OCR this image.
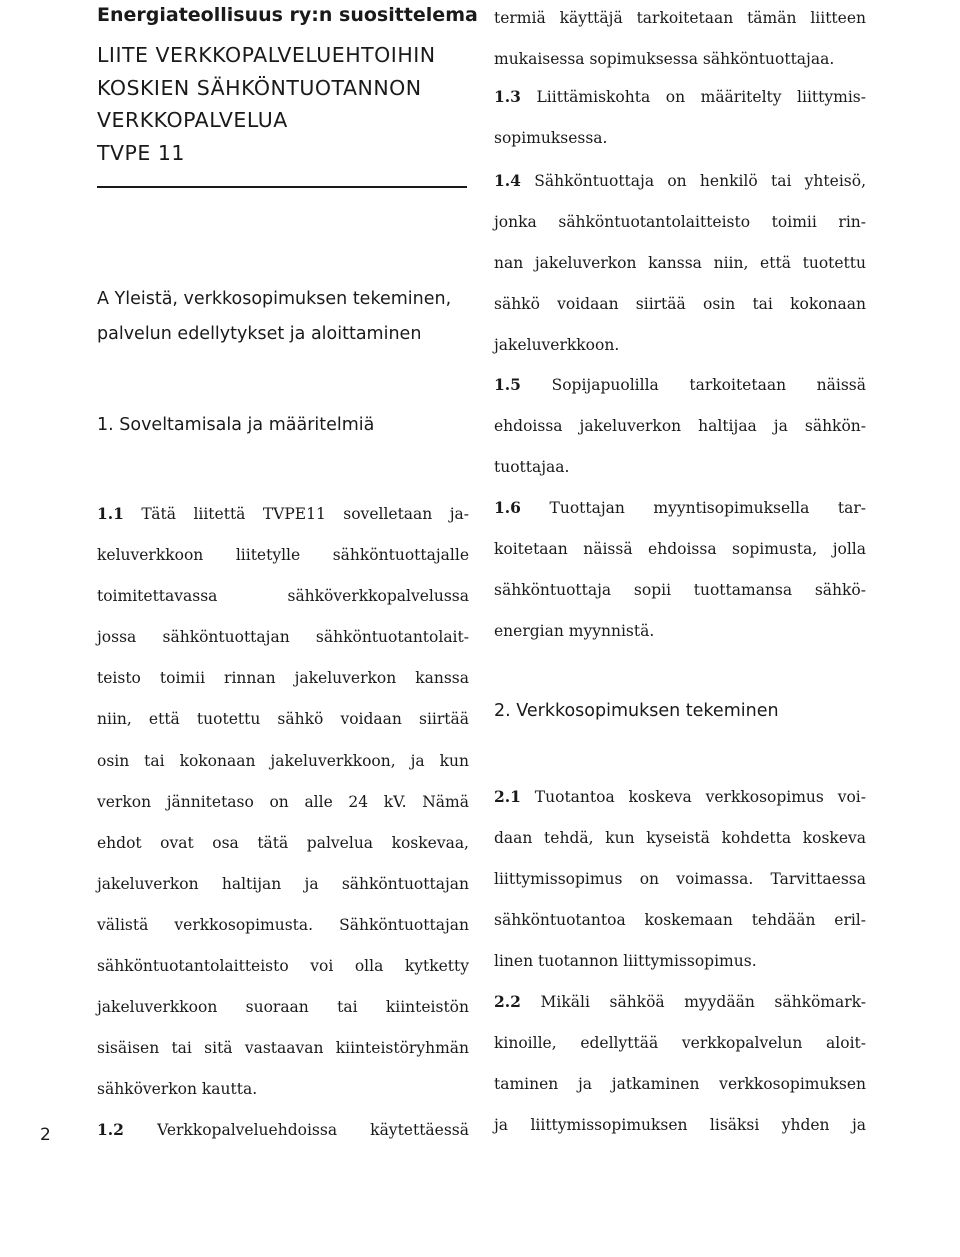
Energiateollisuus ry:n suosittelema
LIITE VERKKOPALVELUEHTOIHIN
KOSKIEN SÄHKÖNTUOTANNON
VERKKOPALVELUA
TVPE 11
A Yleistä, verkkosopimuksen tekeminen,
palvelun edellytykset ja aloittaminen
1. Soveltamisala ja määritelmiä

1.1 Tätä liitettä TVPE11 sovelletaan ja-
keluverkkoon liitetylle sähköntuottajalle
toimitettavassa sähköverkkopalvelussa
jossa sähköntuottajan sähköntuotantolait-
teisto toimii rinnan jakeluverkon kanssa
niin, että tuotettu sähkö voidaan siirtää
osin tai kokonaan jakeluverkkoon, ja kun
verkon jännitetaso on alle 24 kV. Nämä
ehdot ovat osa tätä palvelua koskevaa,
jakeluverkon haltijan ja sähköntuottajan
välistä verkkosopimusta. Sähköntuottajan
sähköntuotantolaitteisto voi olla kytketty
jakeluverkkoon suoraan tai kiinteistön
sisäisen tai sitä vastaavan kiinteistöryhmän
sähköverkon kautta.

1.2 Verkkopalveluehdoissa käytettäessä

termiä käyttäjä tarkoitetaan tämän liitteen
mukaisessa sopimuksessa sähköntuottajaa.

1.3 Liittämiskohta on määritelty liittymis-
sopimuksessa.

1.4 Sähköntuottaja on henkilö tai yhteisö,
jonka sähköntuotantolaitteisto toimii rin-
nan jakeluverkon kanssa niin, että tuotettu
sähkö voidaan siirtää osin tai kokonaan
jakeluverkkoon.

1.5 Sopijapuolilla tarkoitetaan näissä
ehdoissa jakeluverkon haltijaa ja sähkön-
tuottajaa.

1.6 Tuottajan myyntisopimuksella tar-
koitetaan näissä ehdoissa sopimusta, jolla
sähköntuottaja sopii tuottamansa sähkö-
energian myynnistä.

2. Verkkosopimuksen tekeminen

2.1 Tuotantoa koskeva verkkosopimus voi-
daan tehdä, kun kyseistä kohdetta koskeva
liittymissopimus on voimassa. Tarvittaessa
sähköntuotantoa koskemaan tehdään eril-
linen tuotannon liittymissopimus.

2.2 Mikäli sähköä myydään sähkömark-
kinoille, edellyttää verkkopalvelun aloit-
taminen ja jatkaminen verkkosopimuksen
ja liittymissopimuksen lisäksi yhden ja

2
